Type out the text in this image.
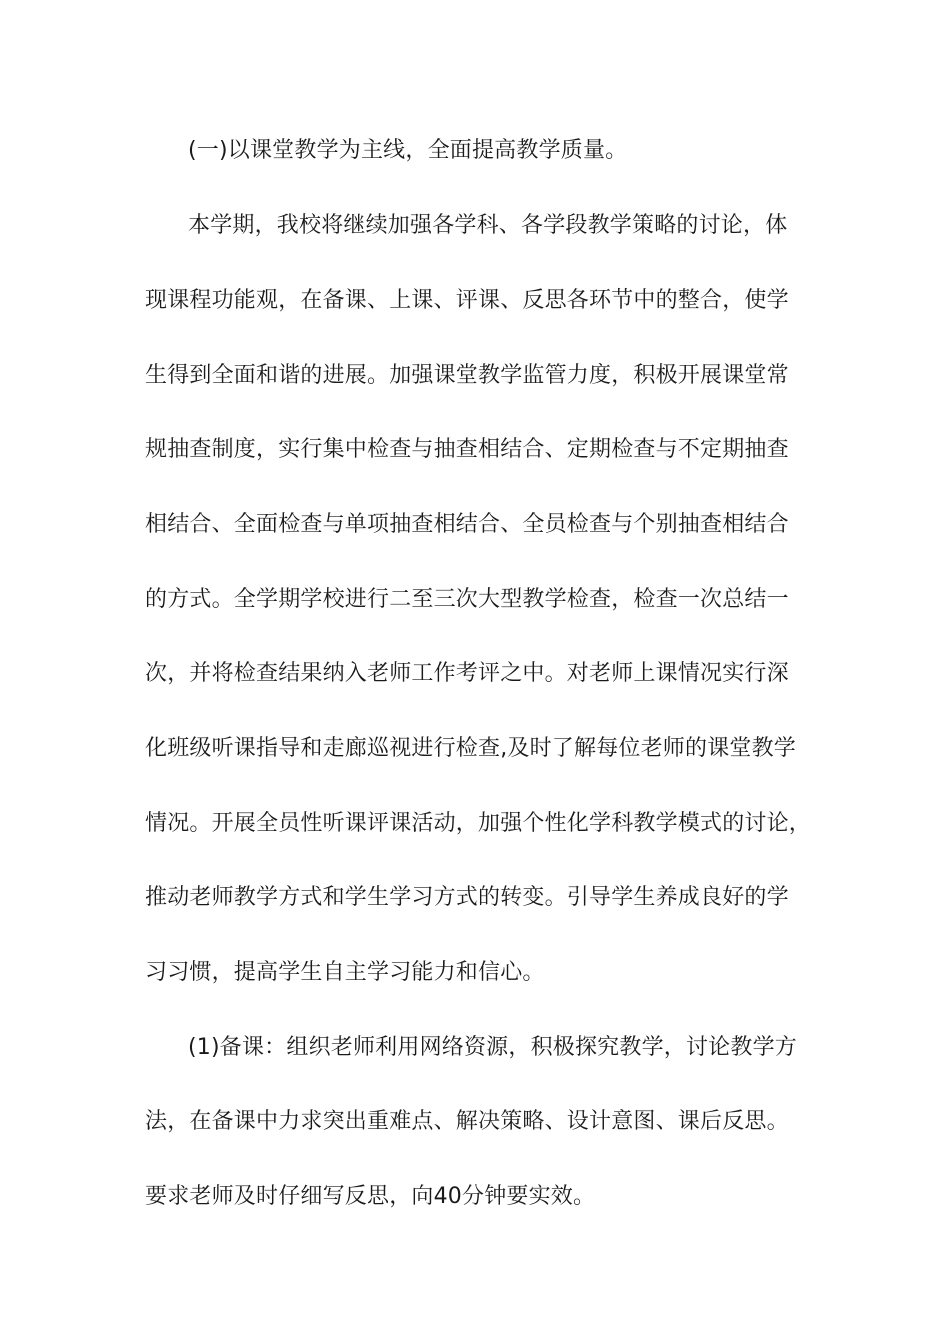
(一)以课堂教学为主线，全面提高教学质量。
本学期，我校将继续加强各学科、各学段教学策略的讨论，体
现课程功能观，在备课、上课、评课、反思各环节中的整合，使学
生得到全面和谐的进展。加强课堂教学监管力度，积极开展课堂常
规抽查制度，实行集中检查与抽查相结合、定期检查与不定期抽查
相结合、全面检查与单项抽查相结合、全员检查与个别抽查相结合
的方式。全学期学校进行二至三次大型教学检查，检查一次总结一
次，并将检查结果纳入老师工作考评之中。对老师上课情况实行深
化班级听课指导和走廊巡视进行检查,及时了解每位老师的课堂教学
情况。开展全员性听课评课活动，加强个性化学科教学模式的讨论，
推动老师教学方式和学生学习方式的转变。引导学生养成良好的学
习习惯，提高学生自主学习能力和信心。
(1)备课：组织老师利用网络资源，积极探究教学，讨论教学方
法，在备课中力求突出重难点、解决策略、设计意图、课后反思。
要求老师及时仔细写反思，向40分钟要实效。
